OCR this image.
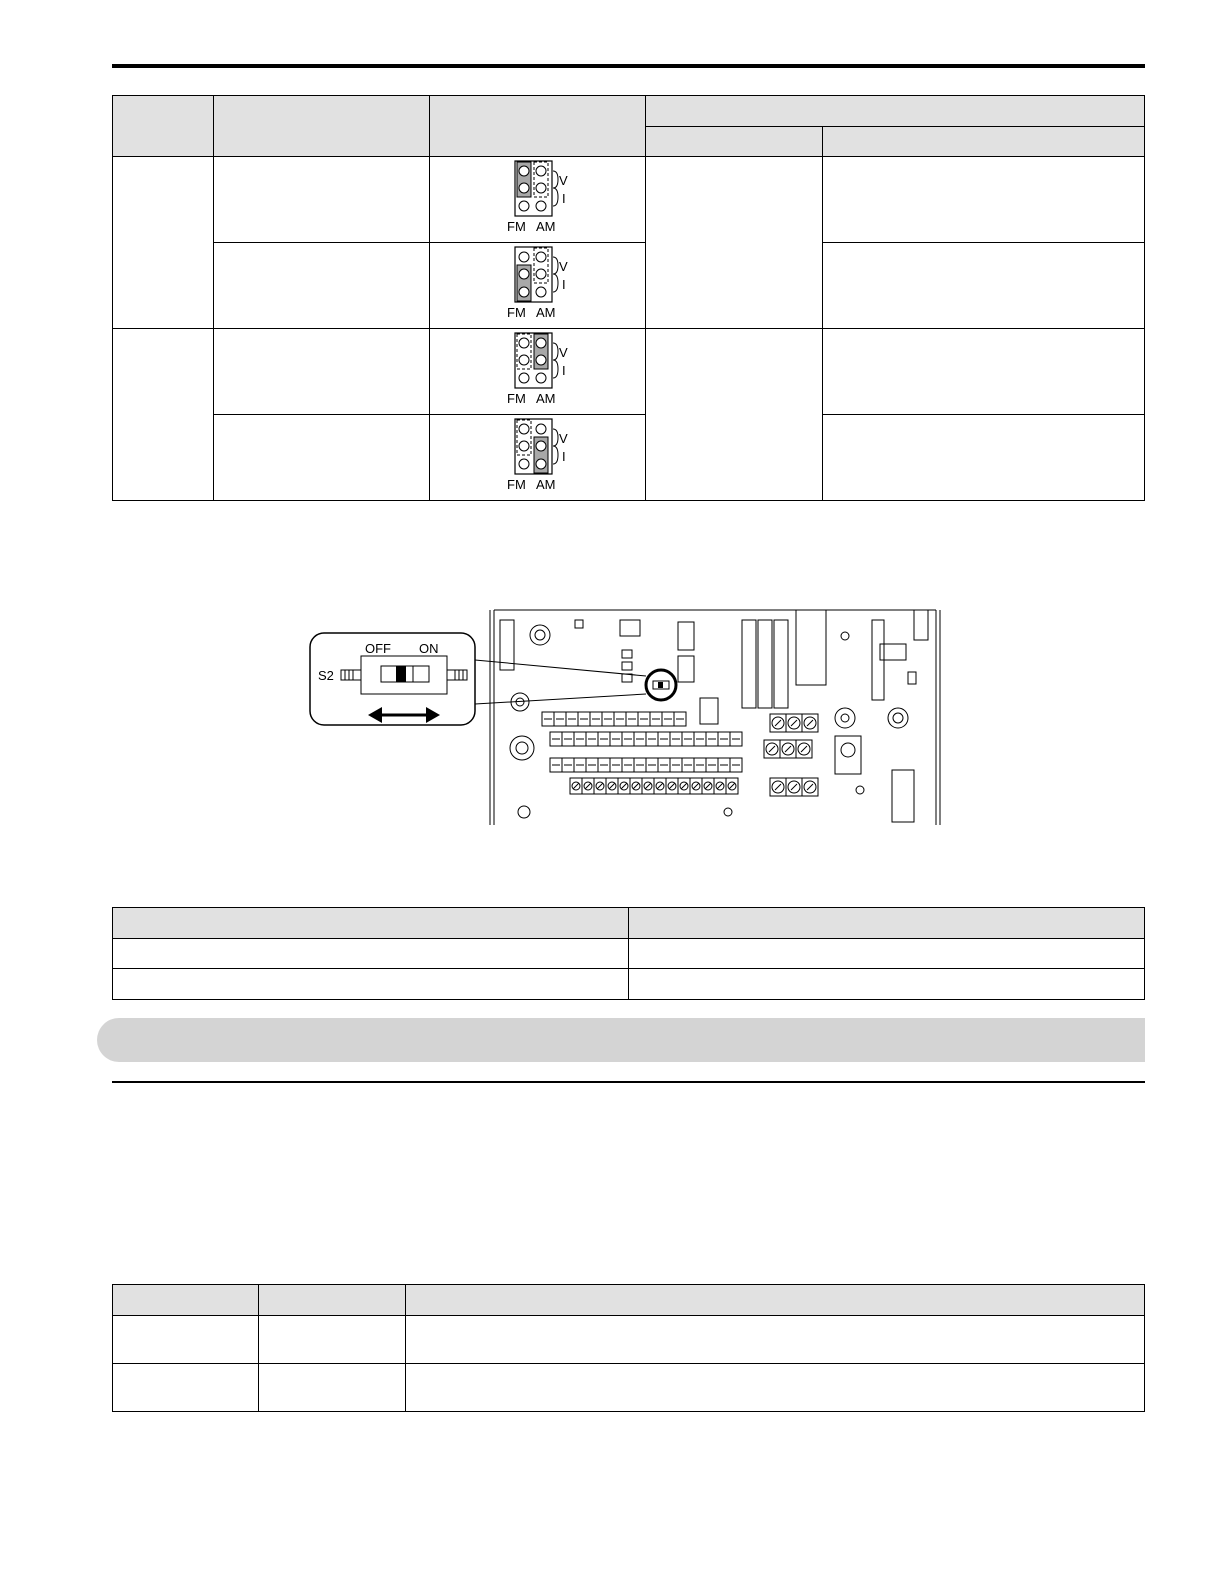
V
I
FM AM
V
I
FM AM
V
I
FM AM
V
I
FM AM
OFF ON
S2
